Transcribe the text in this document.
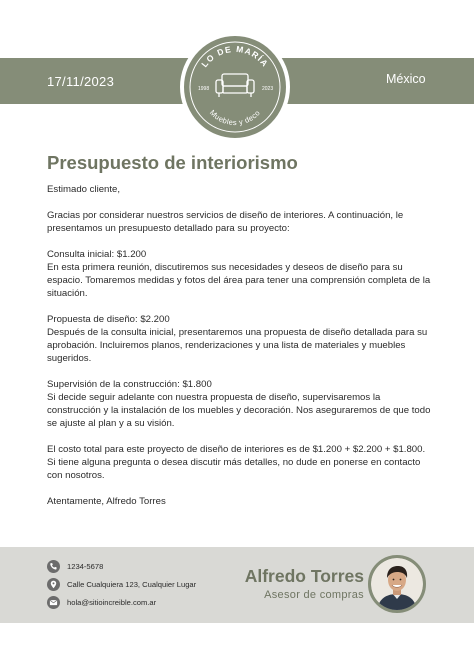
17/11/2023	México
LO DE MARÍA
Muebles y deco
1998	2023
Presupuesto de interiorismo

Estimado cliente,

Gracias por considerar nuestros servicios de diseño de interiores. A continuación, le

presentamos un presupuesto detallado para su proyecto:

Consulta inicial: $1.200

En esta primera reunión, discutiremos sus necesidades y deseos de diseño para su

espacio. Tomaremos medidas y fotos del área para tener una comprensión completa de la

situación.

Propuesta de diseño: $2.200

Después de la consulta inicial, presentaremos una propuesta de diseño detallada para su

aprobación. Incluiremos planos, renderizaciones y una lista de materiales y muebles

sugeridos.

Supervisión de la construcción: $1.800

Si decide seguir adelante con nuestra propuesta de diseño, supervisaremos la

construcción y la instalación de los muebles y decoración. Nos aseguraremos de que todo

se ajuste al plan y a su visión.

El costo total para este proyecto de diseño de interiores es de $1.200 + $2.200 + $1.800.

Si tiene alguna pregunta o desea discutir más detalles, no dude en ponerse en contacto

con nosotros.

Atentamente, Alfredo Torres

1234-5678
Calle Cualquiera 123, Cualquier Lugar
hola@sitioincreible.com.ar
Alfredo Torres
Asesor de compras
